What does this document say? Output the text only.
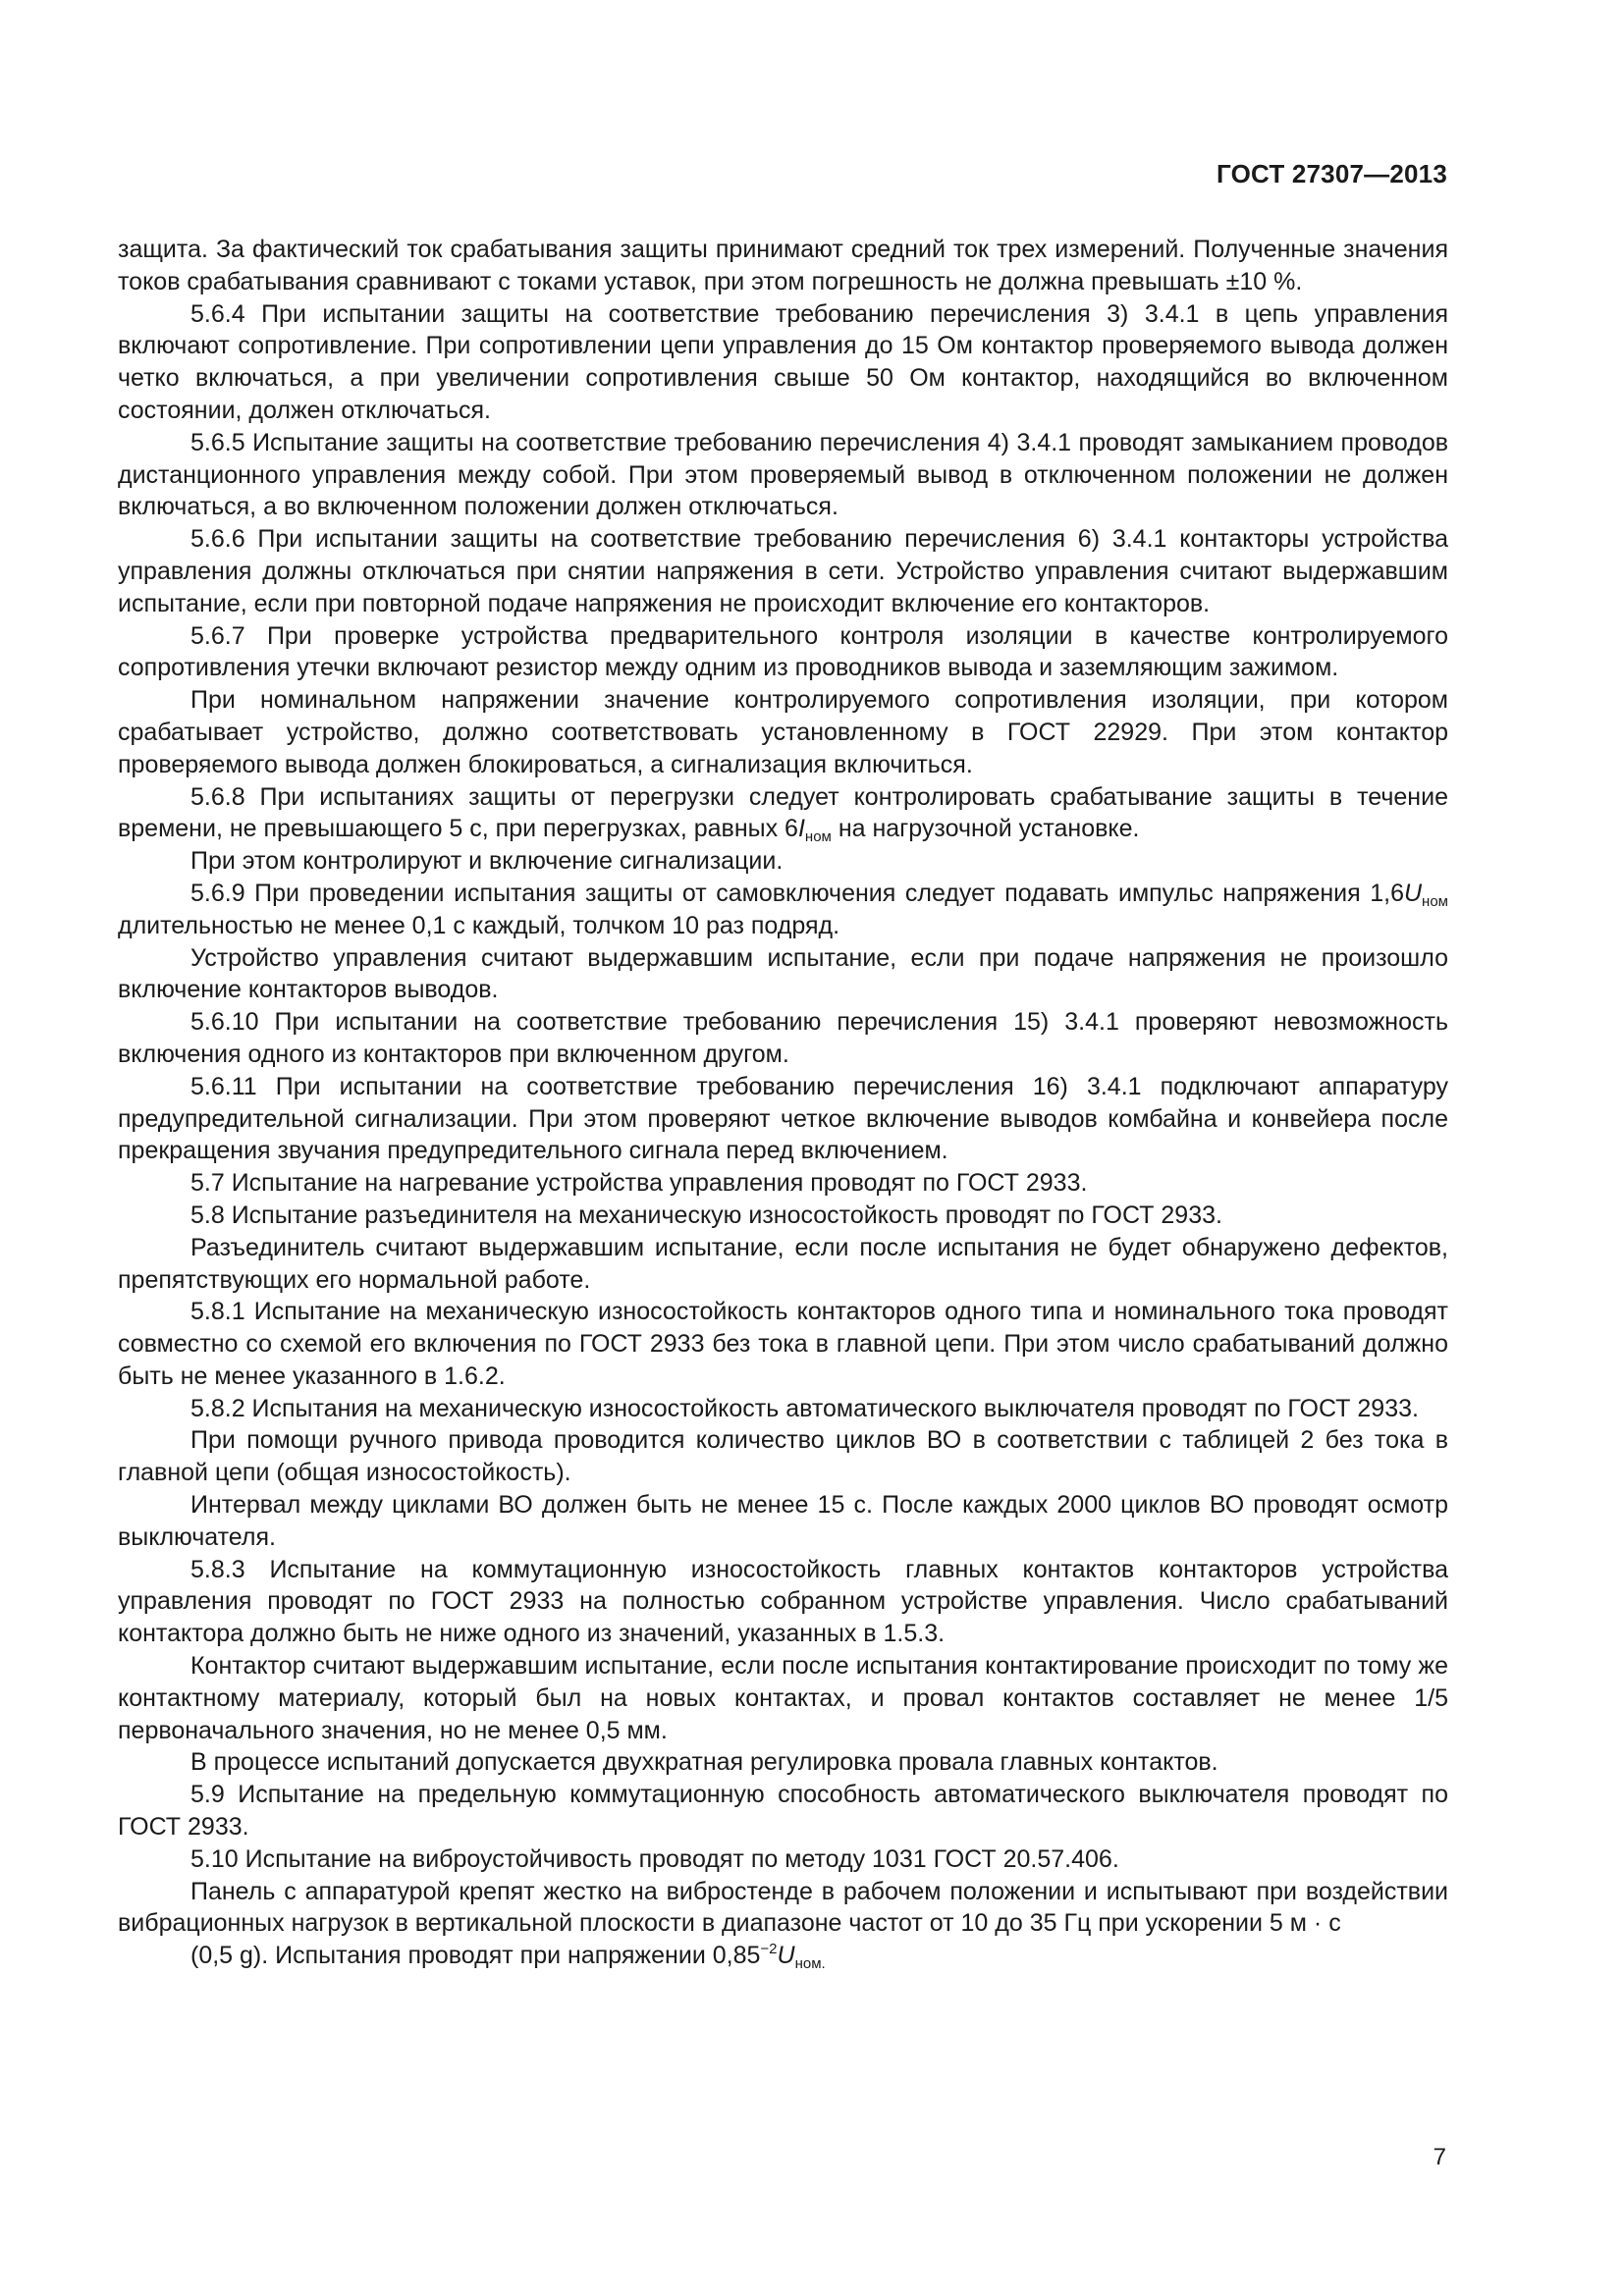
ГОСТ 27307—2013

защита. За фактический ток срабатывания защиты принимают средний ток трех измерений. Полученные значения токов срабатывания сравнивают с токами уставок, при этом погрешность не должна превышать ±10 %.

5.6.4 При испытании защиты на соответствие требованию перечисления 3) 3.4.1 в цепь управления включают сопротивление. При сопротивлении цепи управления до 15 Ом контактор проверяемого вывода должен четко включаться, а при увеличении сопротивления свыше 50 Ом контактор, находящийся во включенном состоянии, должен отключаться.

5.6.5 Испытание защиты на соответствие требованию перечисления 4) 3.4.1 проводят замыканием проводов дистанционного управления между собой. При этом проверяемый вывод в отключенном положении не должен включаться, а во включенном положении должен отключаться.

5.6.6 При испытании защиты на соответствие требованию перечисления 6) 3.4.1 контакторы устройства управления должны отключаться при снятии напряжения в сети. Устройство управления считают выдержавшим испытание, если при повторной подаче напряжения не происходит включение его контакторов.

5.6.7 При проверке устройства предварительного контроля изоляции в качестве контролируемого сопротивления утечки включают резистор между одним из проводников вывода и заземляющим зажимом.

При номинальном напряжении значение контролируемого сопротивления изоляции, при котором срабатывает устройство, должно соответствовать установленному в ГОСТ 22929. При этом контактор проверяемого вывода должен блокироваться, а сигнализация включиться.

5.6.8 При испытаниях защиты от перегрузки следует контролировать срабатывание защиты в течение времени, не превышающего 5 с, при перегрузках, равных $6I_{ном}$ на нагрузочной установке.

При этом контролируют и включение сигнализации.

5.6.9 При проведении испытания защиты от самовключения следует подавать импульс напряжения $1,6U_{ном}$ длительностью не менее 0,1 с каждый, толчком 10 раз подряд.

Устройство управления считают выдержавшим испытание, если при подаче напряжения не произошло включение контакторов выводов.

5.6.10 При испытании на соответствие требованию перечисления 15) 3.4.1 проверяют невозможность включения одного из контакторов при включенном другом.

5.6.11 При испытании на соответствие требованию перечисления 16) 3.4.1 подключают аппаратуру предупредительной сигнализации. При этом проверяют четкое включение выводов комбайна и конвейера после прекращения звучания предупредительного сигнала перед включением.

5.7 Испытание на нагревание устройства управления проводят по ГОСТ 2933.

5.8 Испытание разъединителя на механическую износостойкость проводят по ГОСТ 2933.

Разъединитель считают выдержавшим испытание, если после испытания не будет обнаружено дефектов, препятствующих его нормальной работе.

5.8.1 Испытание на механическую износостойкость контакторов одного типа и номинального тока проводят совместно со схемой его включения по ГОСТ 2933 без тока в главной цепи. При этом число срабатываний должно быть не менее указанного в 1.6.2.

5.8.2 Испытания на механическую износостойкость автоматического выключателя проводят по ГОСТ 2933.

При помощи ручного привода проводится количество циклов ВО в соответствии с таблицей 2 без тока в главной цепи (общая износостойкость).

Интервал между циклами ВО должен быть не менее 15 с. После каждых 2000 циклов ВО проводят осмотр выключателя.

5.8.3 Испытание на коммутационную износостойкость главных контактов контакторов устройства управления проводят по ГОСТ 2933 на полностью собранном устройстве управления. Число срабатываний контактора должно быть не ниже одного из значений, указанных в 1.5.3.

Контактор считают выдержавшим испытание, если после испытания контактирование происходит по тому же контактному материалу, который был на новых контактах, и провал контактов составляет не менее 1/5 первоначального значения, но не менее 0,5 мм.

В процессе испытаний допускается двухкратная регулировка провала главных контактов.

5.9 Испытание на предельную коммутационную способность автоматического выключателя проводят по ГОСТ 2933.

5.10 Испытание на виброустойчивость проводят по методу 1031 ГОСТ 20.57.406.

Панель с аппаратурой крепят жестко на вибростенде в рабочем положении и испытывают при воздействии вибрационных нагрузок в вертикальной плоскости в диапазоне частот от 10 до 35 Гц при ускорении 5 м · с

(0,5 g). Испытания проводят при напряжении $0,85^{-2}U_{ном.}$

7
